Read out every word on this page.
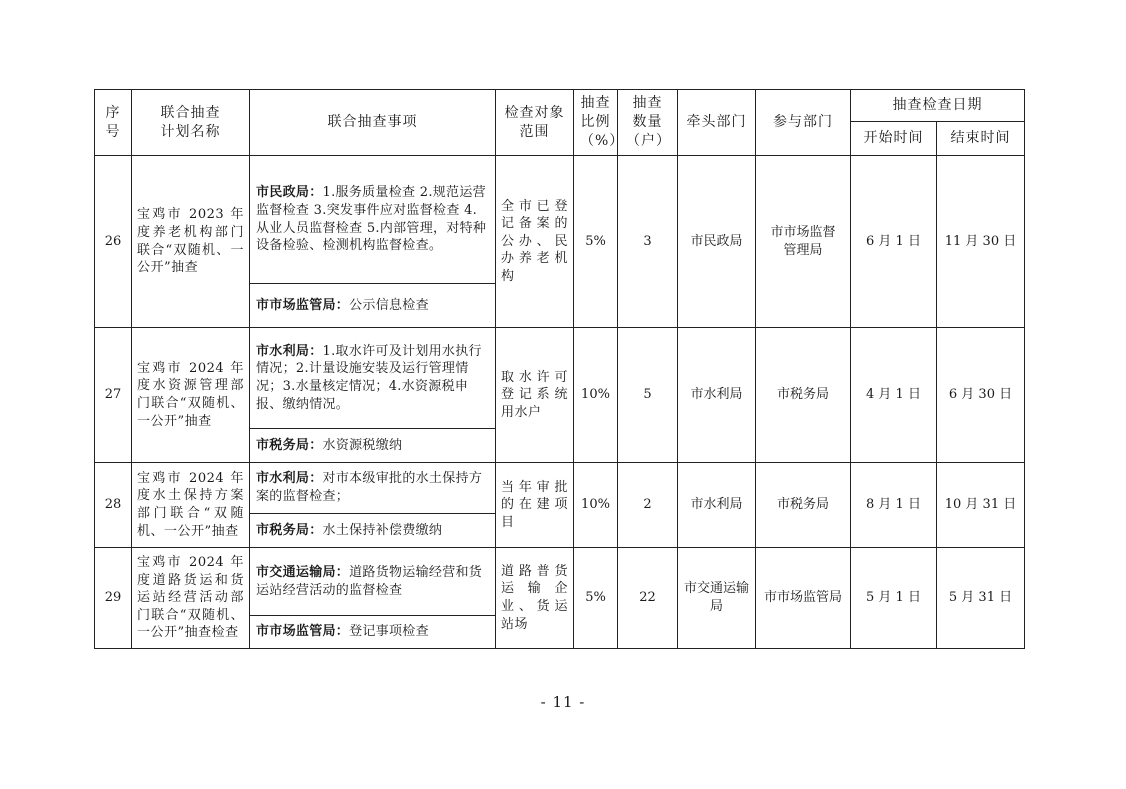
序号	联合抽查计划名称	联合抽查事项	检查对象范围	抽查比例（%）	抽查数量（户）	牵头部门	参与部门	抽查检查日期	
								开始时间	结束时间
26	宝鸡市 2023 年度养老机构部门联合“双随机、一公开”抽查	市民政局：1.服务质量检查 2.规范运营监督检查 3.突发事件应对监督检查 4.从业人员监督检查 5.内部管理，对特种设备检验、检测机构监督检查。	全市已登记备案的公办、民办养老机构	5%	3	市民政局	市市场监督管理局	6 月 1 日	11 月 30 日
		市市场监管局：公示信息检查							
27	宝鸡市 2024 年度水资源管理部门联合“双随机、一公开”抽查	市水利局：1.取水许可及计划用水执行情况；2.计量设施安装及运行管理情况；3.水量核定情况；4.水资源税申报、缴纳情况。	取水许可登记系统用水户	10%	5	市水利局	市税务局	4 月 1 日	6 月 30 日
		市税务局：水资源税缴纳							
28	宝鸡市 2024 年度水土保持方案部门联合“双随机、一公开”抽查	市水利局：对市本级审批的水土保持方案的监督检查；	当年审批的在建项目	10%	2	市水利局	市税务局	8 月 1 日	10 月 31 日
		市税务局：水土保持补偿费缴纳							
29	宝鸡市 2024 年度道路货运和货运站经营活动部门联合“双随机、一公开”抽查检查	市交通运输局：道路货物运输经营和货运站经营活动的监督检查	道路普货运输企业、货运站场	5%	22	市交通运输局	市市场监管局	5 月 1 日	5 月 31 日
		市市场监管局：登记事项检查							
- 11 -
